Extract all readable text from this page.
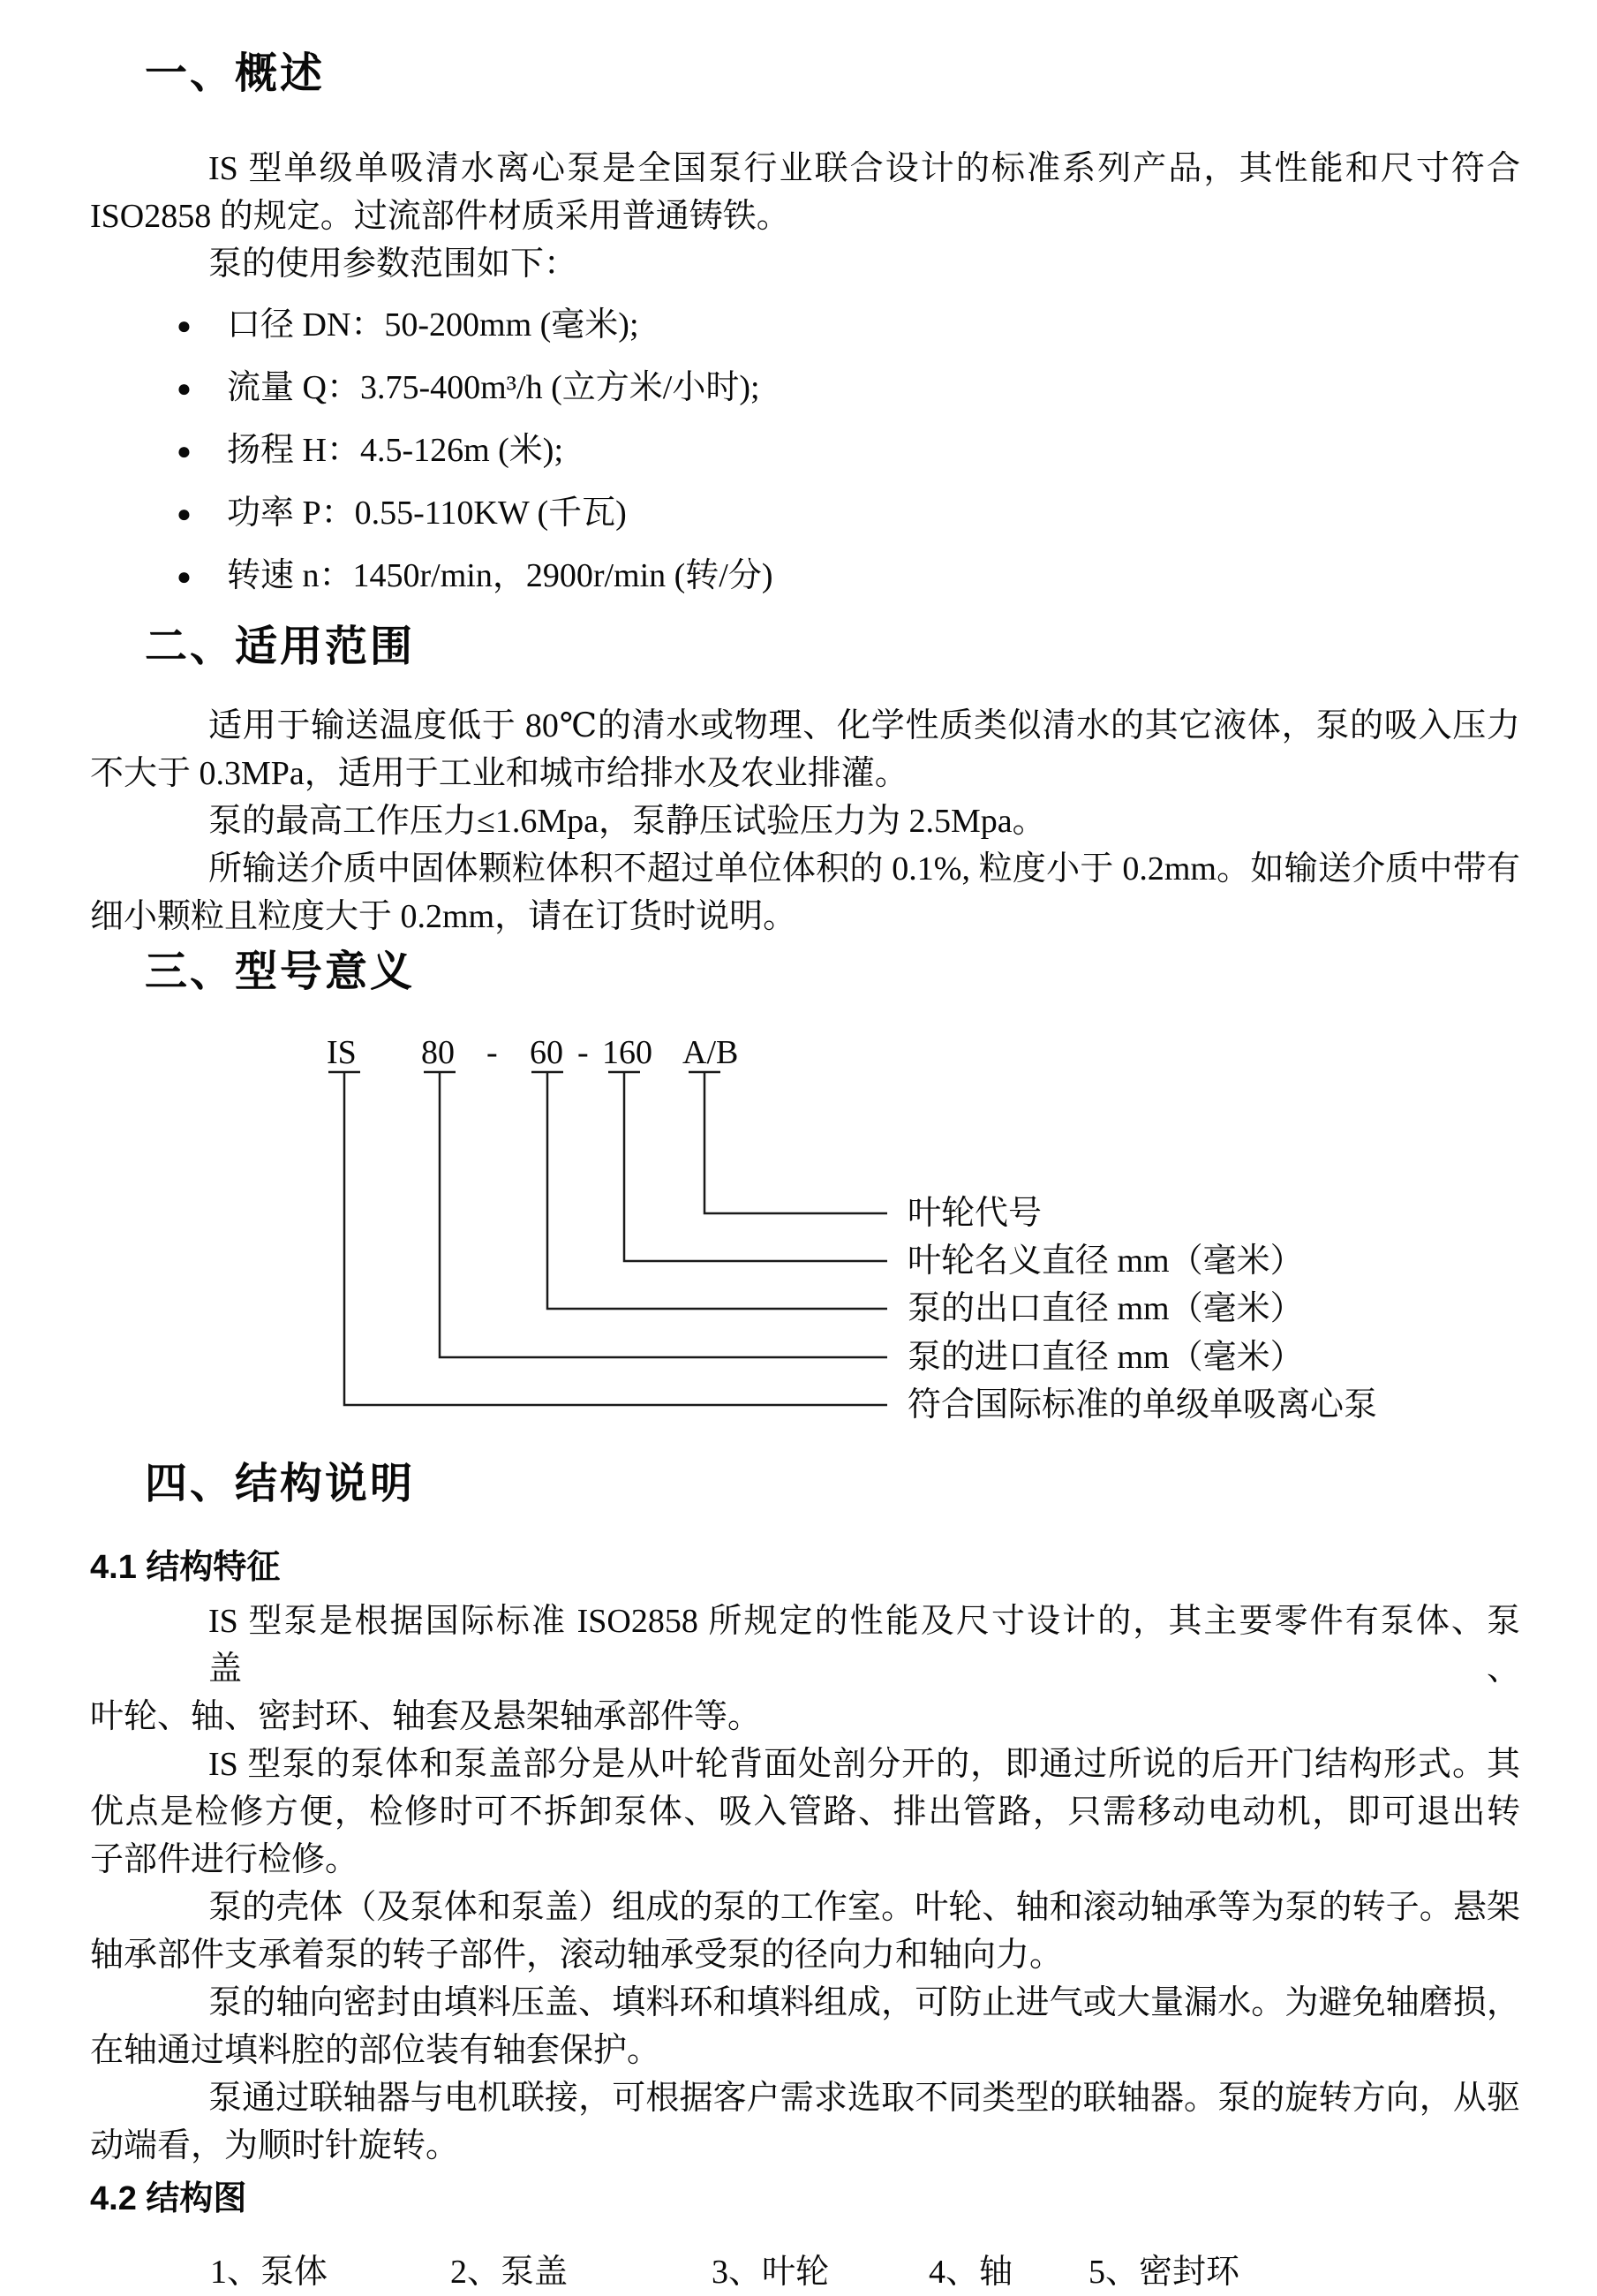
一、概述
IS 型单级单吸清水离心泵是全国泵行业联合设计的标准系列产品，其性能和尺寸符合
ISO2858 的规定。过流部件材质采用普通铸铁。
泵的使用参数范围如下：
● 口径 DN：50-200mm (毫米);
● 流量 Q：3.75-400m³/h (立方米/小时);
● 扬程 H：4.5-126m (米);
● 功率 P：0.55-110KW (千瓦)
● 转速 n：1450r/min，2900r/min (转/分)
二、适用范围
适用于输送温度低于 80℃的清水或物理、化学性质类似清水的其它液体，泵的吸入压力
不大于 0.3MPa，适用于工业和城市给排水及农业排灌。
泵的最高工作压力≤1.6Mpa，泵静压试验压力为 2.5Mpa。
所输送介质中固体颗粒体积不超过单位体积的 0.1%, 粒度小于 0.2mm。如输送介质中带有
细小颗粒且粒度大于 0.2mm，请在订货时说明。
三、型号意义
IS 80 - 60 - 160 A/B
叶轮代号
叶轮名义直径 mm（毫米）
泵的出口直径 mm（毫米）
泵的进口直径 mm（毫米）
符合国际标准的单级单吸离心泵
四、结构说明
4.1 结构特征
IS 型泵是根据国际标准 ISO2858 所规定的性能及尺寸设计的，其主要零件有泵体、泵盖、
叶轮、轴、密封环、轴套及悬架轴承部件等。
IS 型泵的泵体和泵盖部分是从叶轮背面处剖分开的，即通过所说的后开门结构形式。其
优点是检修方便，检修时可不拆卸泵体、吸入管路、排出管路，只需移动电动机，即可退出转
子部件进行检修。
泵的壳体（及泵体和泵盖）组成的泵的工作室。叶轮、轴和滚动轴承等为泵的转子。悬架
轴承部件支承着泵的转子部件，滚动轴承受泵的径向力和轴向力。
泵的轴向密封由填料压盖、填料环和填料组成，可防止进气或大量漏水。为避免轴磨损，
在轴通过填料腔的部位装有轴套保护。
泵通过联轴器与电机联接，可根据客户需求选取不同类型的联轴器。泵的旋转方向，从驱
动端看，为顺时针旋转。
4.2 结构图
1、泵体	2、泵盖	3、叶轮	4、轴 5、密封环
